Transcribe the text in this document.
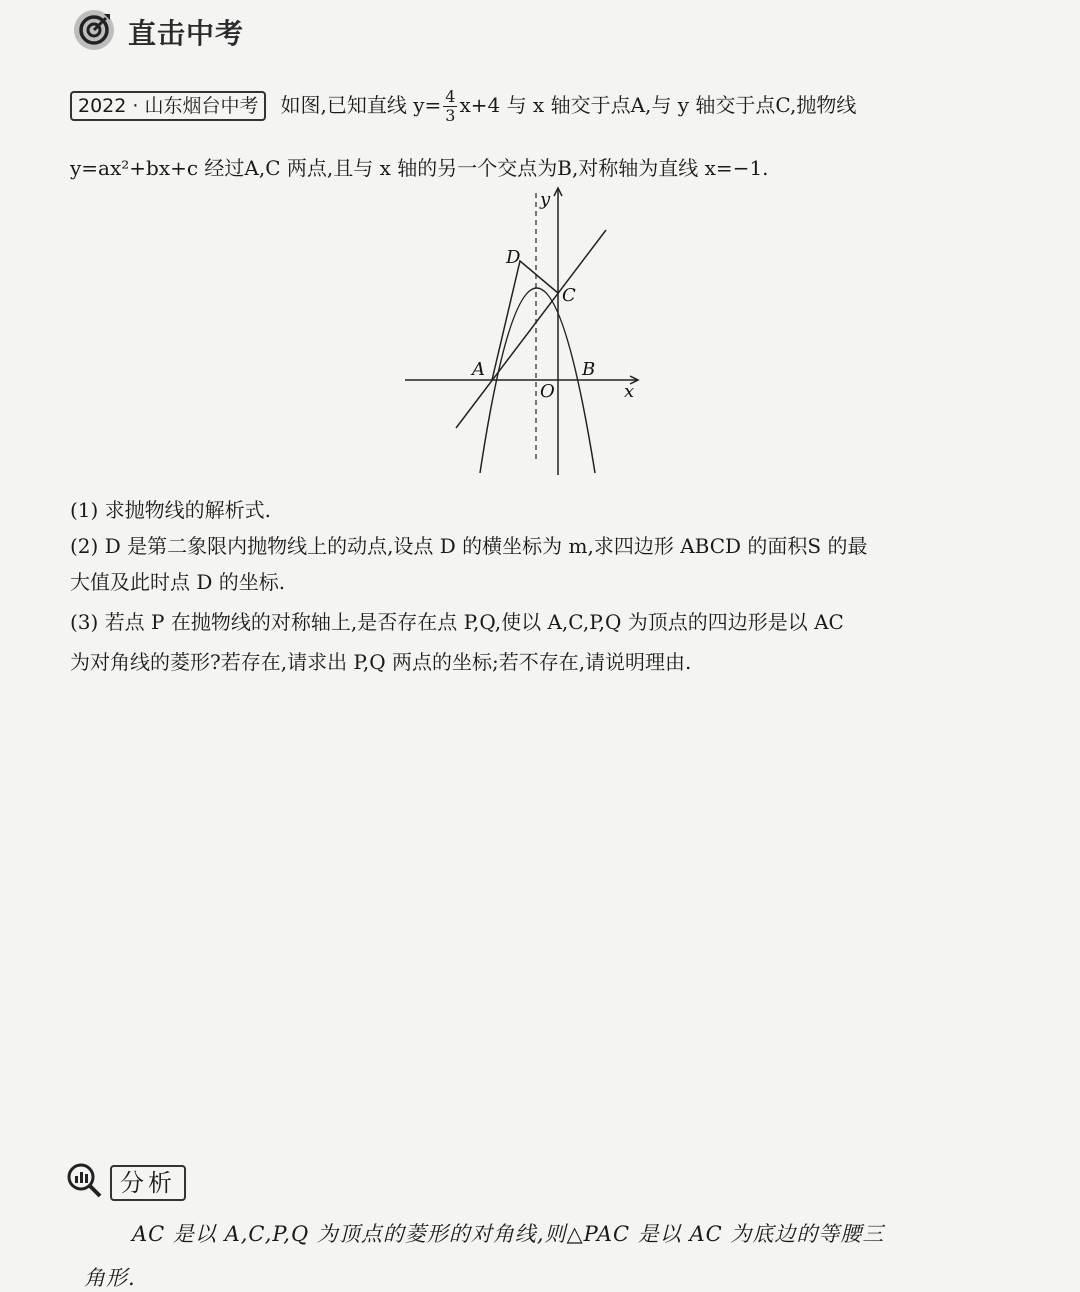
直击中考
2022 · 山东烟台中考 如图,已知直线 $y= \frac{4}{3} x+4$ 与 x 轴交于点A,与 y 轴交于点C,抛物线
y=ax²+bx+c 经过A,C 两点,且与 x 轴的另一个交点为B,对称轴为直线 x=−1.
y
x
O
A	B
C
D
(1) 求抛物线的解析式.
(2) D 是第二象限内抛物线上的动点,设点 D 的横坐标为 m,求四边形 ABCD 的面积S 的最
大值及此时点 D 的坐标.
(3) 若点 P 在抛物线的对称轴上,是否存在点 P,Q,使以 A,C,P,Q 为顶点的四边形是以 AC
为对角线的菱形?若存在,请求出 P,Q 两点的坐标;若不存在,请说明理由.
分析
AC 是以 A,C,P,Q 为顶点的菱形的对角线,则△PAC 是以 AC 为底边的等腰三
角形.
